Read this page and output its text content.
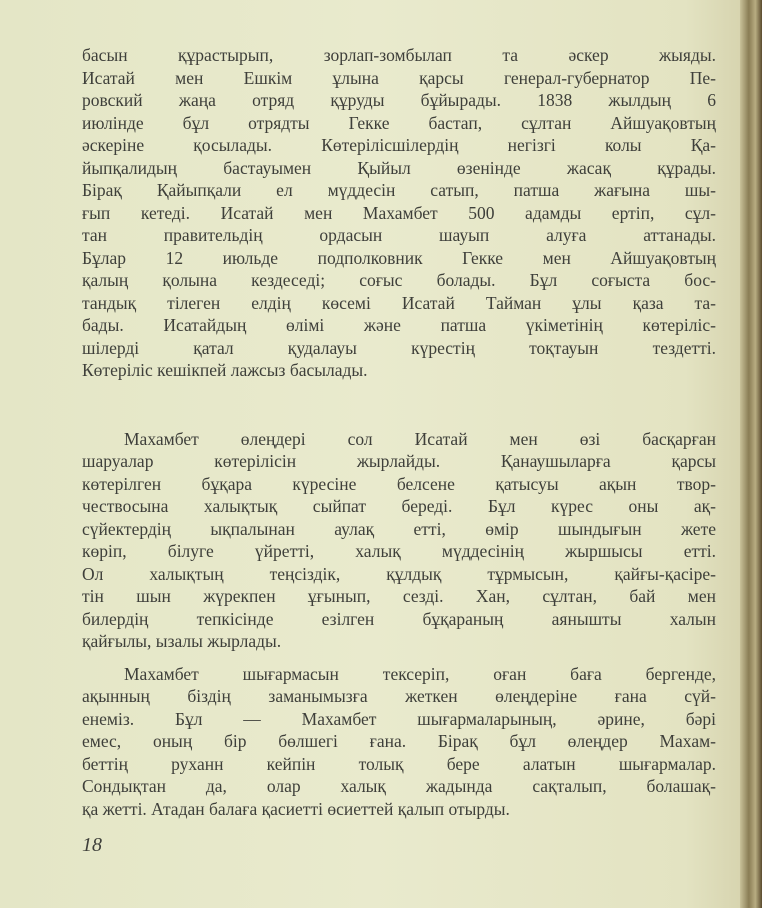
басын құрастырып, зорлап-зомбылап та әскер жыяды.
Исатай мен Ешкім ұлына қарсы генерал-губернатор Пе-
ровский жаңа отряд құруды бұйырады. 1838 жылдың 6
июлінде бұл отрядты Гекке бастап, сұлтан Айшуақовтың
әскеріне қосылады. Көтерілісшілердің негізгі колы Қа-
йыпқалидың бастауымен Қыйыл өзенінде жасақ құрады.
Бірақ Қайыпқали ел мүддесін сатып, патша жағына шы-
ғып кетеді. Исатай мен Махамбет 500 адамды ертіп, сұл-
тан правительдің ордасын шауып алуға аттанады.
Бұлар 12 июльде подполковник Гекке мен Айшуақовтың
қалың қолына кездеседі; соғыс болады. Бұл соғыста бос-
тандық тілеген елдің көсемі Исатай Тайман ұлы қаза та-
бады. Исатайдың өлімі және патша үкіметінің көтеріліс-
шілерді қатал қудалауы күрестің тоқтауын тездетті.
Көтеріліс кешікпей лажсыз басылады.
Махамбет өлеңдері сол Исатай мен өзі басқарған
шаруалар көтерілісін жырлайды. Қанаушыларға қарсы
көтерілген бұқара күресіне белсене қатысуы ақын твор-
чествосына халықтық сыйпат береді. Бұл күрес оны ақ-
сүйектердің ықпалынан аулақ етті, өмір шындығын жете
көріп, білуге үйретті, халық мүддесінің жыршысы етті.
Ол халықтың теңсіздік, құлдық тұрмысын, қайғы-қасіре-
тін шын жүрекпен ұғынып, сезді. Хан, сұлтан, бай мен
билердің тепкісінде езілген бұқараның аянышты халын
қайғылы, ызалы жырлады.
Махамбет шығармасын тексеріп, оған баға бергенде,
ақынның біздің заманымызға жеткен өлеңдеріне ғана сүй-
енеміз. Бұл — Махамбет шығармаларының, әрине, бәрі
емес, оның бір бөлшегі ғана. Бірақ бұл өлеңдер Махам-
беттің руханн кейпін толық бере алатын шығармалар.
Сондықтан да, олар халық жадында сақталып, болашақ-
қа жетті. Атадан балаға қасиетті өсиеттей қалып отырды.
18
